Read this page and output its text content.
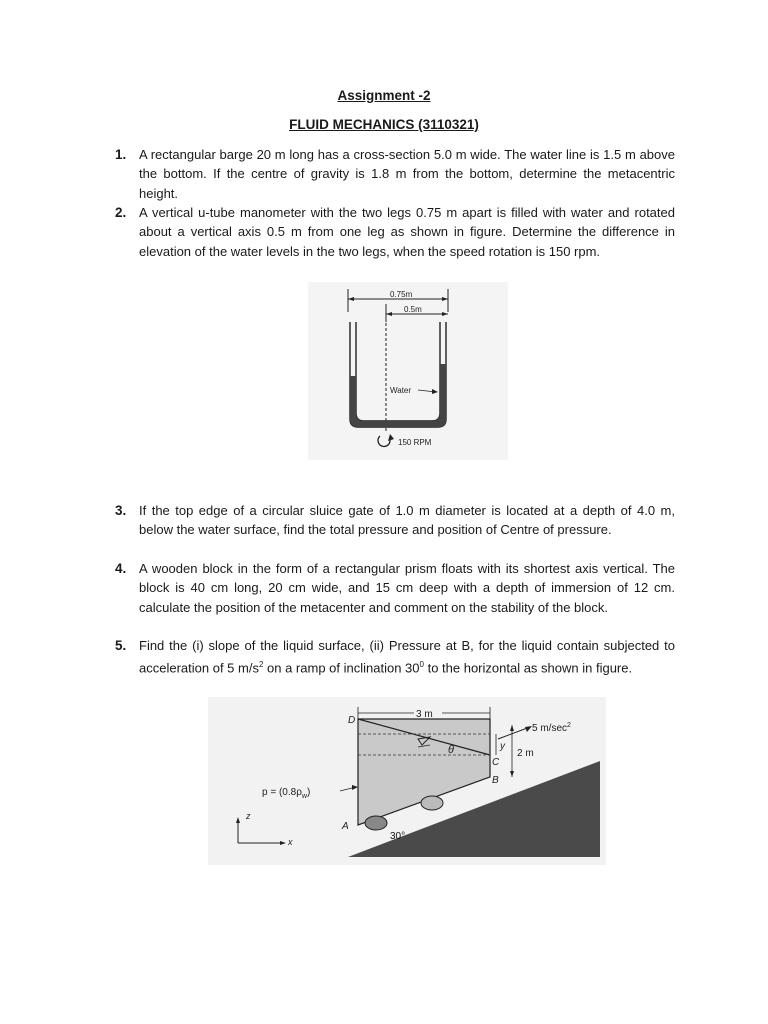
Assignment -2
FLUID MECHANICS (3110321)
1. A rectangular barge 20 m long has a cross-section 5.0 m wide. The water line is 1.5 m above the bottom. If the centre of gravity is 1.8 m from the bottom, determine the metacentric height.
2. A vertical u-tube manometer with the two legs 0.75 m apart is filled with water and rotated about a vertical axis 0.5 m from one leg as shown in figure. Determine the difference in elevation of the water levels in the two legs, when the speed rotation is 150 rpm.
0.75m
0.5m
Water
150 RPM
3. If the top edge of a circular sluice gate of 1.0 m diameter is located at a depth of 4.0 m, below the water surface, find the total pressure and position of Centre of pressure.
4. A wooden block in the form of a rectangular prism floats with its shortest axis vertical. The block is 40 cm long, 20 cm wide, and 15 cm deep with a depth of immersion of 12 cm. calculate the position of the metacenter and comment on the stability of the block.
5. Find the (i) slope of the liquid surface, (ii) Pressure at B, for the liquid contain subjected to acceleration of 5 $m/s^2$ on a ramp of inclination $30^0$ to the horizontal as shown in figure.
θ
3 m
y
2 m
5 $m/\sec^2$
D
C
B
A
$p = (0.8\rho_w)$
30°
z
x
